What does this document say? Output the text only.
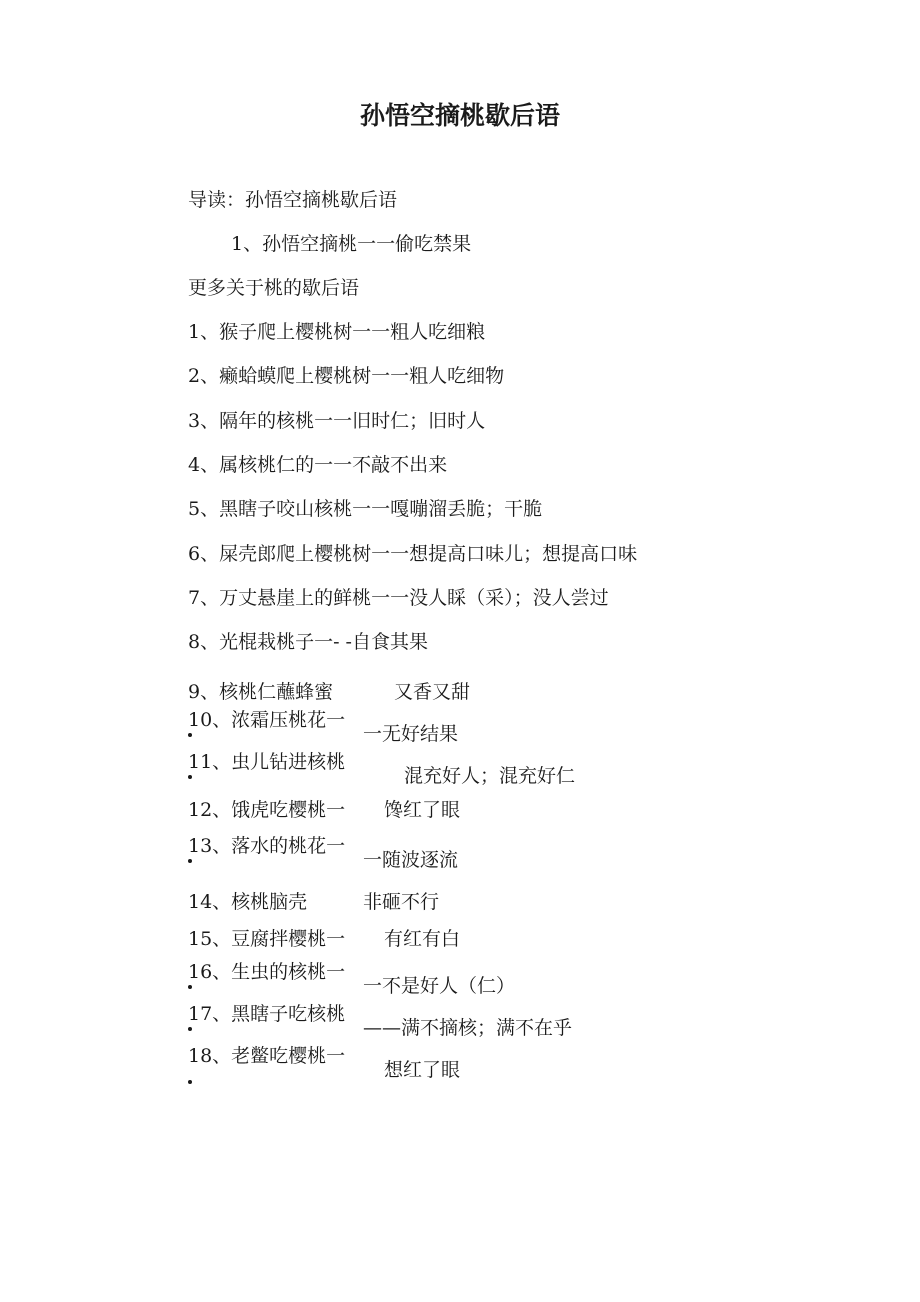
孙悟空摘桃歇后语
导读：孙悟空摘桃歇后语
1、孙悟空摘桃一一偷吃禁果
更多关于桃的歇后语
1、猴子爬上樱桃树一一粗人吃细粮
2、癞蛤蟆爬上樱桃树一一粗人吃细物
3、隔年的核桃一一旧时仁；旧时人
4、属核桃仁的一一不敲不出来
5、黑瞎子咬山核桃一一嘎嘣溜丢脆；干脆
6、屎壳郎爬上樱桃树一一想提高口味儿；想提高口味
7、万丈悬崖上的鲜桃一一没人睬（采）；没人尝过
8、光棍栽桃子一- -自食其果
9、核桃仁蘸蜂蜜	又香又甜
10、浓霜压桃花一
一无好结果
11、虫儿钻进核桃
混充好人；混充好仁
12、饿虎吃樱桃一 馋红了眼
13、落水的桃花一
一随波逐流
14、核桃脑壳	非砸不行
15、豆腐拌樱桃一 有红有白
16、生虫的核桃一
一不是好人（仁）
17、黑瞎子吃核桃
——满不摘核；满不在乎
18、老鳖吃樱桃一
想红了眼
